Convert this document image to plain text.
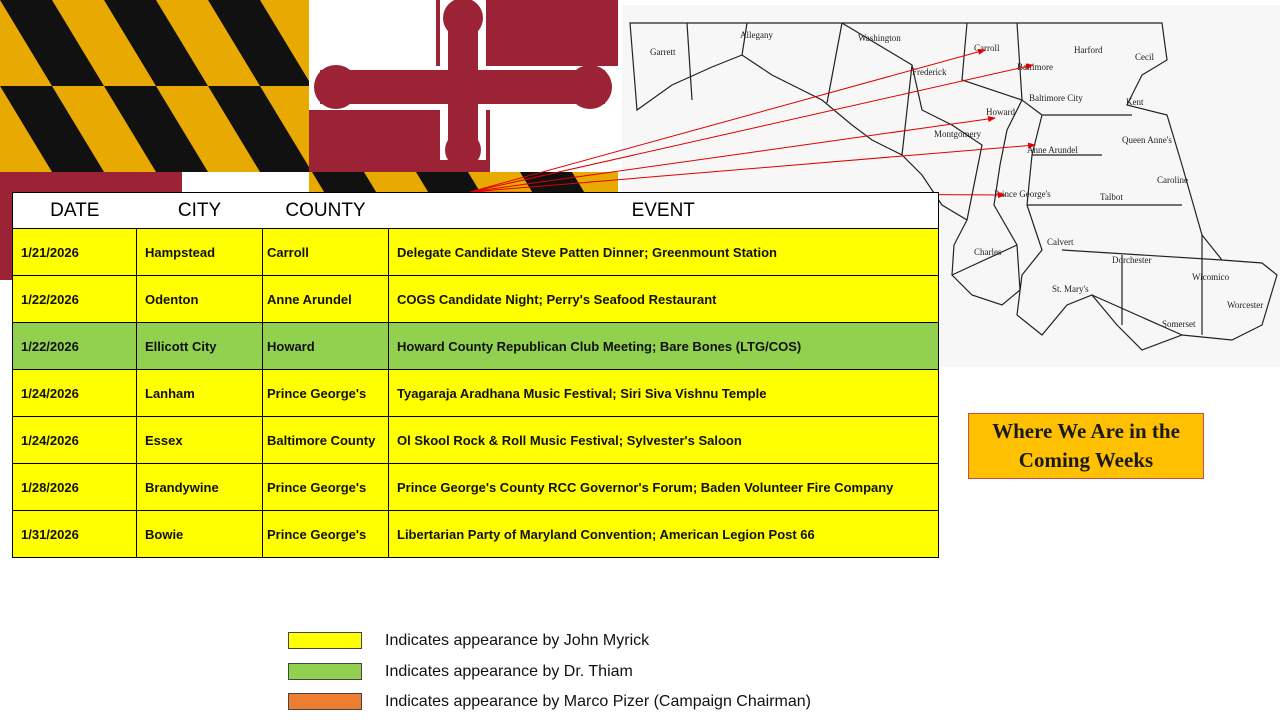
Garrett
Allegany	Washington
Frederick
Carroll
Baltimore
Harford
Cecil
Baltimore City
Howard
Montgomery
Anne Arundel
Kent
Queen Anne's
Caroline
Talbot
Prince George's
Charles
Calvert
St. Mary's
Dorchester
Wicomico
Worcester
Somerset
DATE	CITY	COUNTY	EVENT
1/21/2026	Hampstead	Carroll	Delegate Candidate Steve Patten Dinner; Greenmount Station
1/22/2026	Odenton	Anne Arundel	COGS Candidate Night; Perry's Seafood Restaurant
1/22/2026	Ellicott City	Howard	Howard County Republican Club Meeting; Bare Bones (LTG/COS)
1/24/2026	Lanham	Prince George's	Tyagaraja Aradhana Music Festival; Siri Siva Vishnu Temple
1/24/2026	Essex	Baltimore County	Ol Skool Rock & Roll Music Festival; Sylvester's Saloon
1/28/2026	Brandywine	Prince George's	Prince George's County RCC Governor's Forum; Baden Volunteer Fire Company
1/31/2026	Bowie	Prince George's	Libertarian Party of Maryland Convention; American Legion Post 66
Where We Are in the Coming Weeks
Indicates appearance by John Myrick
Indicates appearance by Dr. Thiam
Indicates appearance by Marco Pizer (Campaign Chairman)
